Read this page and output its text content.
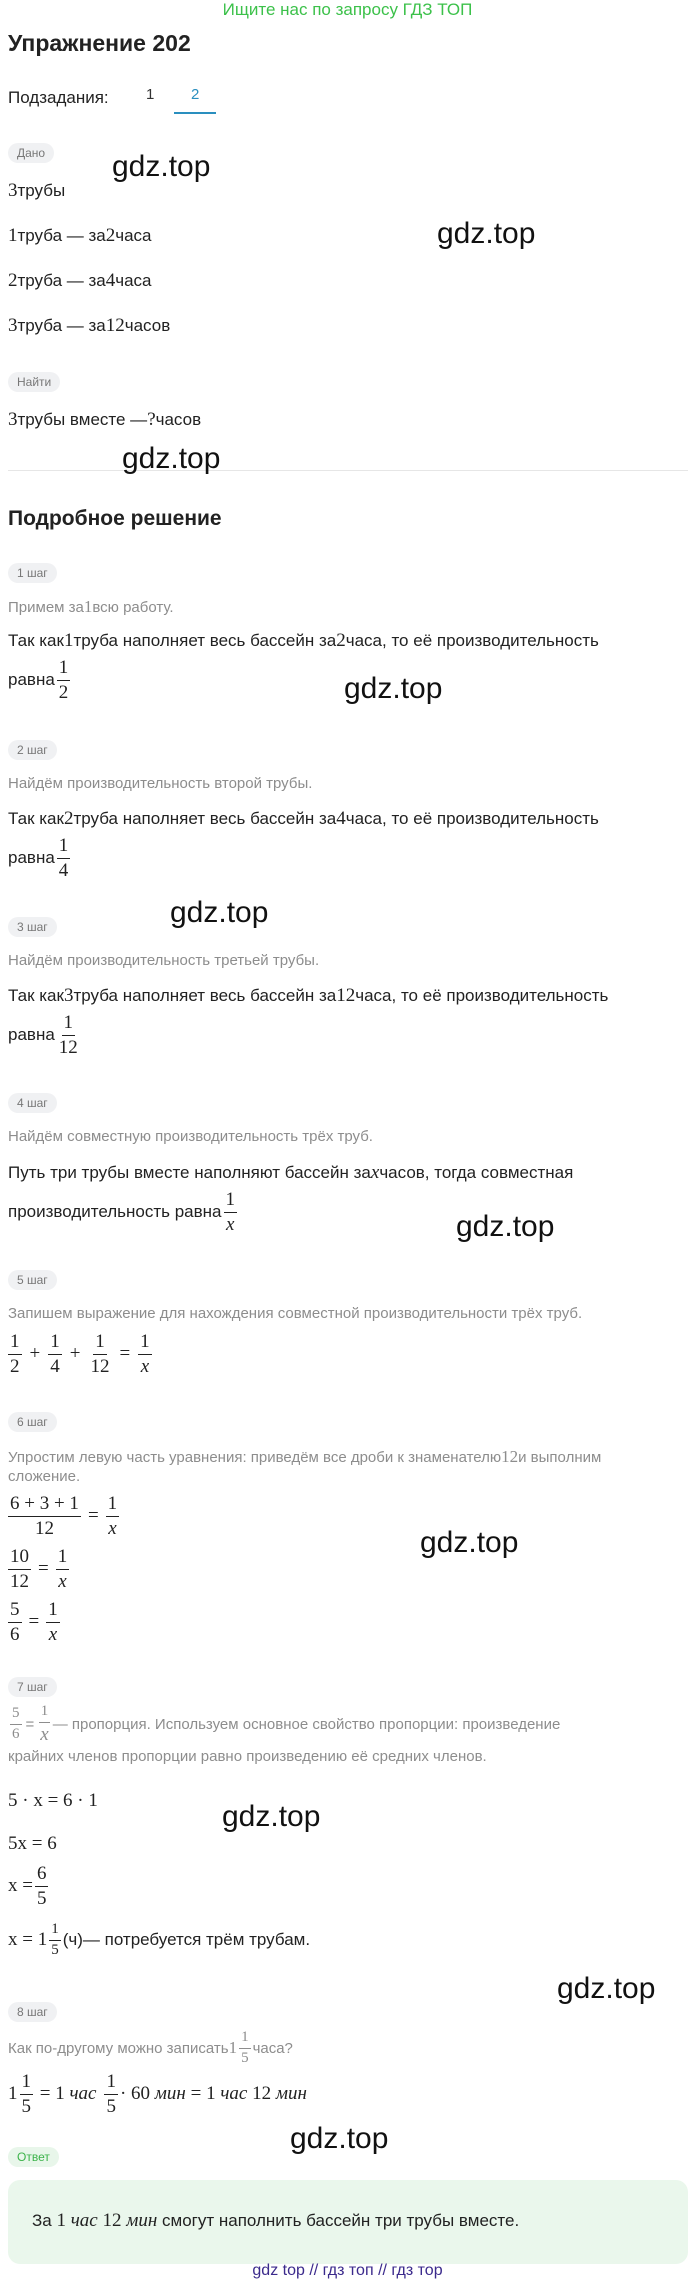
Ищите нас по запросу ГДЗ ТОП
Упражнение 202
Подзадания: 1 2
Дано
3 трубы
1 труба — за 2 часа
2 труба — за 4 часа
3 труба — за 12 часов
Найти
3 трубы вместе — ? часов
Подробное решение
1 шаг
Примем за 1 всю работу.
Так как 1 труба наполняет весь бассейн за 2 часа, то её производительность
равна $\frac{1}{2}$
2 шаг
Найдём производительность второй трубы.
Так как 2 труба наполняет весь бассейн за 4 часа, то её производительность
равна $\frac{1}{4}$
3 шаг
Найдём производительность третьей трубы.
Так как 3 труба наполняет весь бассейн за 12 часа, то её производительность
равна $\frac{1}{12}$
4 шаг
Найдём совместную производительность трёх труб.
Путь три трубы вместе наполняют бассейн за x часов, тогда совместная
производительность равна $\frac{1}{x}$
5 шаг
Запишем выражение для нахождения совместной производительности трёх труб.
$\frac{1}{2} + \frac{1}{4} + \frac{1}{12} = \frac{1}{x}$
6 шаг
Упростим левую часть уравнения: приведём все дроби к знаменателю 12 и выполним
сложение.
$\frac{6 + 3 + 1}{12} = \frac{1}{x}$
$\frac{10}{12} = \frac{1}{x}$
$\frac{5}{6} = \frac{1}{x}$
7 шаг
$\frac{5}{6} = \frac{1}{x}$ — пропорция. Используем основное свойство пропорции: произведение
крайних членов пропорции равно произведению её средних членов.
5 · x = 6 · 1
5x = 6
$x = \frac{6}{5}$
$x = 1 \frac{1}{5} (ч)$ — потребуется трём трубам.
8 шаг
Как по-другому можно записать $1 \frac{1}{5}$ часа?
$1 \frac{1}{5} = 1$ час $\frac{1}{5} \cdot 60$ мин = 1 час 12 мин
Ответ
За 1 час 12 мин смогут наполнить бассейн три трубы вместе.
gdz.top
gdz.top
gdz.top
gdz.top
gdz.top
gdz.top
gdz.top
gdz.top
gdz.top
gdz.top
gdz top // гдз топ // гдз тор
